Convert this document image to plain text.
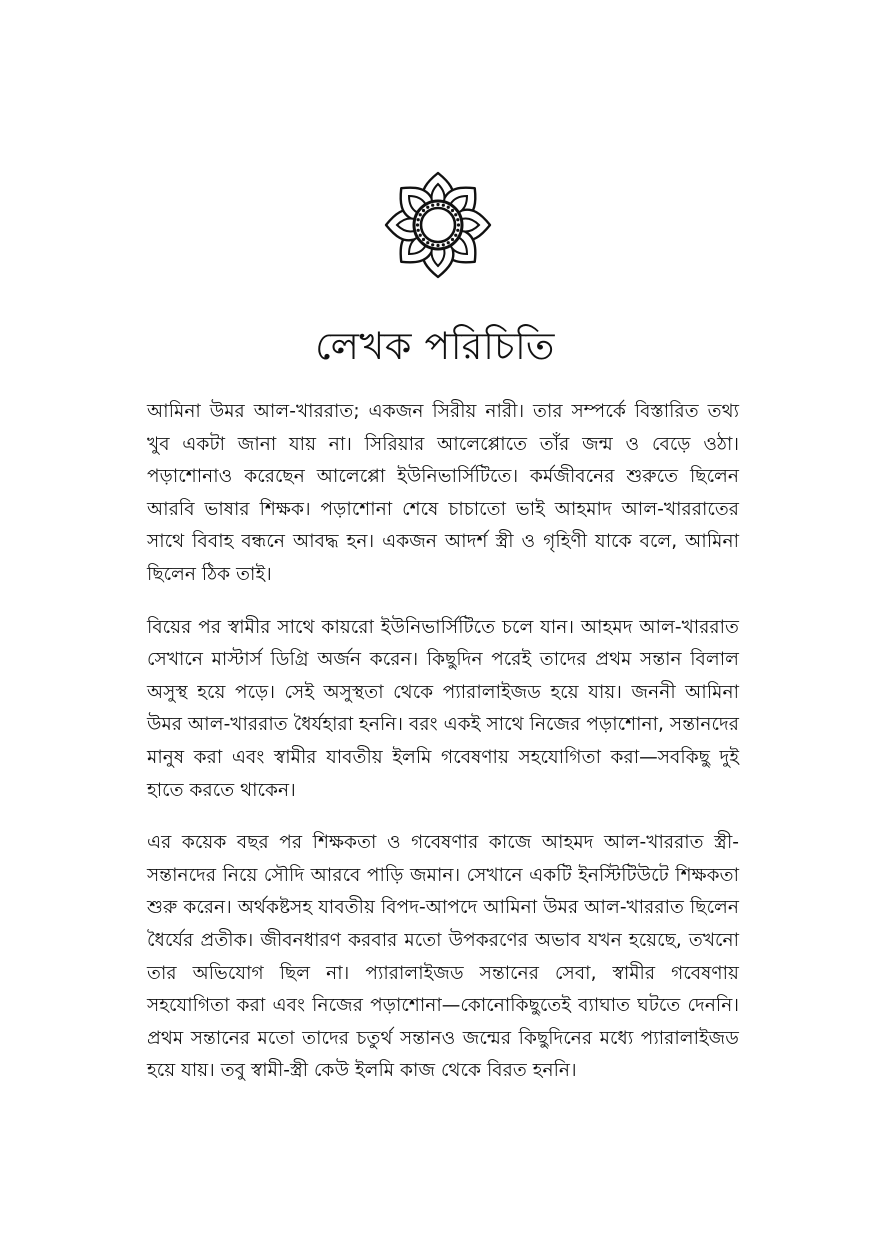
লেখক পরিচিতি

আমিনা উমর আল-খাররাত; একজন সিরীয় নারী। তার সম্পর্কে বিস্তারিত তথ্য খুব একটা জানা যায় না। সিরিয়ার আলেপ্পোতে তাঁর জন্ম ও বেড়ে ওঠা। পড়াশোনাও করেছেন আলেপ্পো ইউনিভার্সিটিতে। কর্মজীবনের শুরুতে ছিলেন আরবি ভাষার শিক্ষক। পড়াশোনা শেষে চাচাতো ভাই আহমাদ আল-খাররাতের সাথে বিবাহ বন্ধনে আবদ্ধ হন। একজন আদর্শ স্ত্রী ও গৃহিণী যাকে বলে, আমিনা ছিলেন ঠিক তাই।

বিয়ের পর স্বামীর সাথে কায়রো ইউনিভার্সিটিতে চলে যান। আহমদ আল-খাররাত সেখানে মাস্টার্স ডিগ্রি অর্জন করেন। কিছুদিন পরেই তাদের প্রথম সন্তান বিলাল অসুস্থ হয়ে পড়ে। সেই অসুস্থতা থেকে প্যারালাইজড হয়ে যায়। জননী আমিনা উমর আল-খাররাত ধৈর্যহারা হননি। বরং একই সাথে নিজের পড়াশোনা, সন্তানদের মানুষ করা এবং স্বামীর যাবতীয় ইলমি গবেষণায় সহযোগিতা করা—সবকিছু দুই হাতে করতে থাকেন।

এর কয়েক বছর পর শিক্ষকতা ও গবেষণার কাজে আহমদ আল-খাররাত স্ত্রী-সন্তানদের নিয়ে সৌদি আরবে পাড়ি জমান। সেখানে একটি ইনস্টিটিউটে শিক্ষকতা শুরু করেন। অর্থকষ্টসহ যাবতীয় বিপদ-আপদে আমিনা উমর আল-খাররাত ছিলেন ধৈর্যের প্রতীক। জীবনধারণ করবার মতো উপকরণের অভাব যখন হয়েছে, তখনো তার অভিযোগ ছিল না। প্যারালাইজড সন্তানের সেবা, স্বামীর গবেষণায় সহযোগিতা করা এবং নিজের পড়াশোনা—কোনোকিছুতেই ব্যাঘাত ঘটতে দেননি। প্রথম সন্তানের মতো তাদের চতুর্থ সন্তানও জন্মের কিছুদিনের মধ্যে প্যারালাইজড হয়ে যায়। তবু স্বামী-স্ত্রী কেউ ইলমি কাজ থেকে বিরত হননি।
